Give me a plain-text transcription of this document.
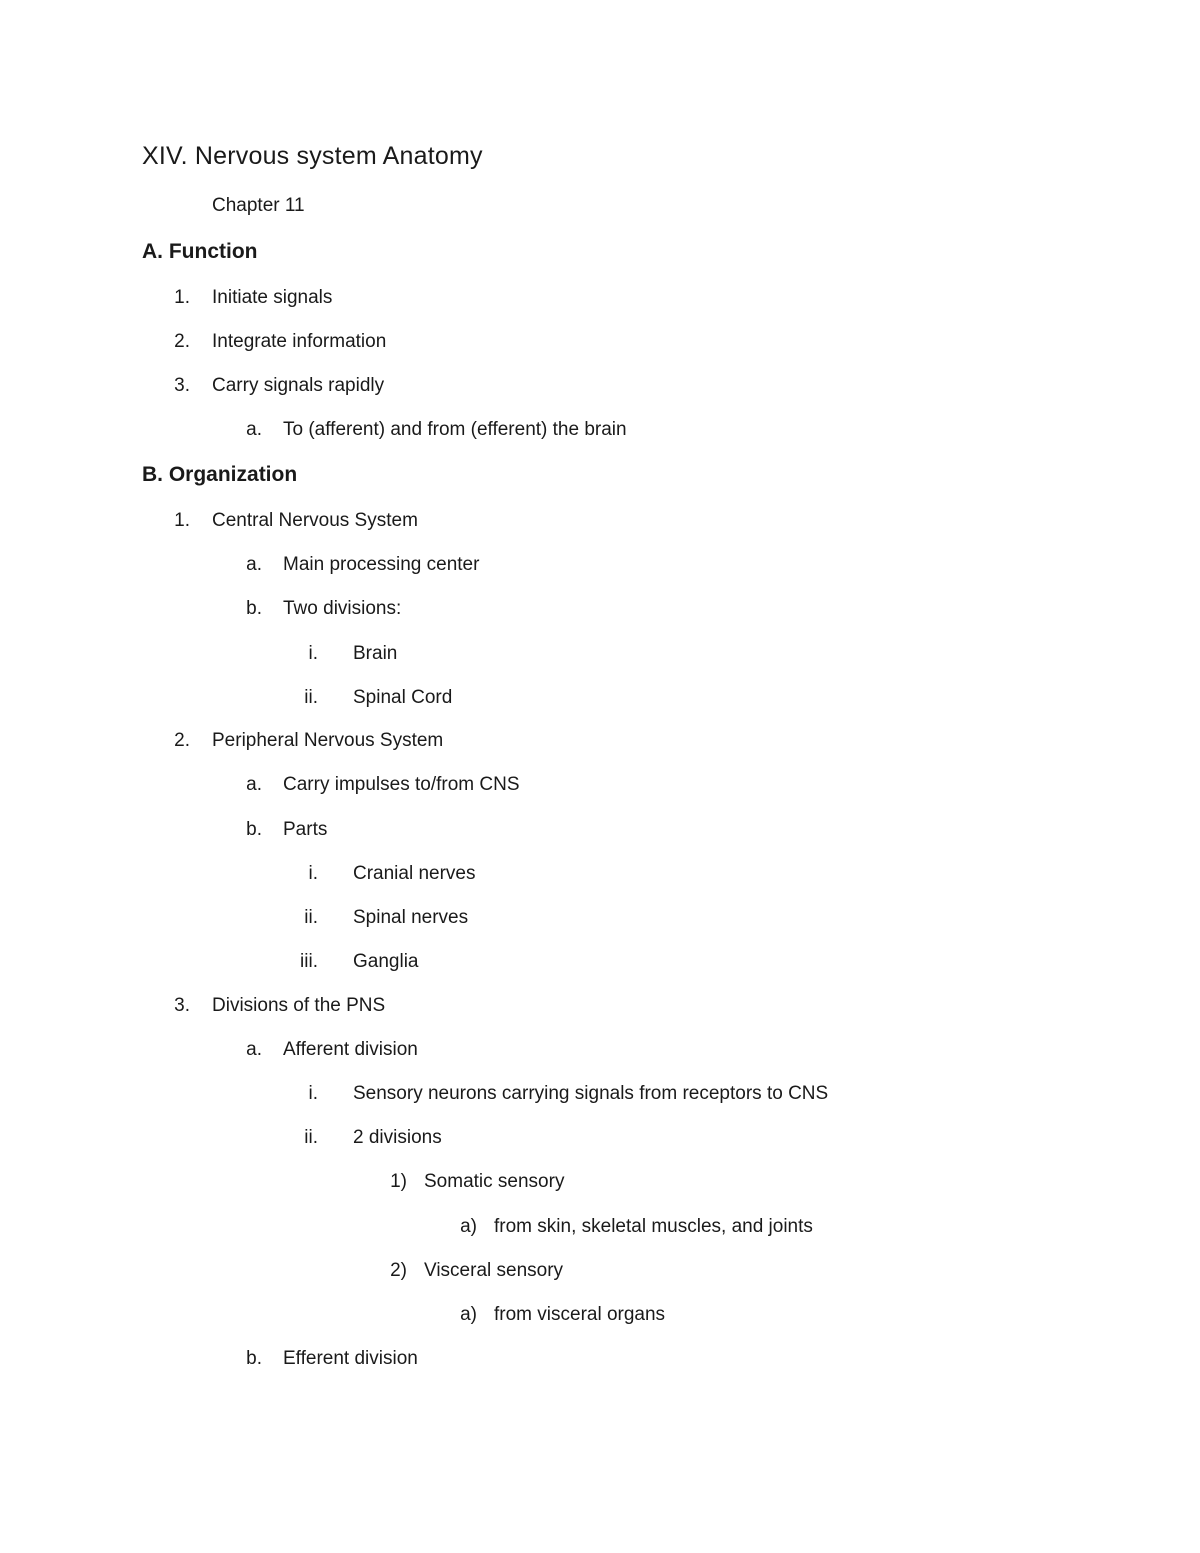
XIV. Nervous system Anatomy
Chapter 11
A. Function
1. Initiate signals
2. Integrate information
3. Carry signals rapidly
a. To (afferent) and from (efferent) the brain
B. Organization
1. Central Nervous System
a. Main processing center
b. Two divisions:
i. Brain
ii. Spinal Cord
2. Peripheral Nervous System
a. Carry impulses to/from CNS
b. Parts
i. Cranial nerves
ii. Spinal nerves
iii. Ganglia
3. Divisions of the PNS
a. Afferent division
i. Sensory neurons carrying signals from receptors to CNS
ii. 2 divisions
1) Somatic sensory
a) from skin, skeletal muscles, and joints
2) Visceral sensory
a) from visceral organs
b. Efferent division
